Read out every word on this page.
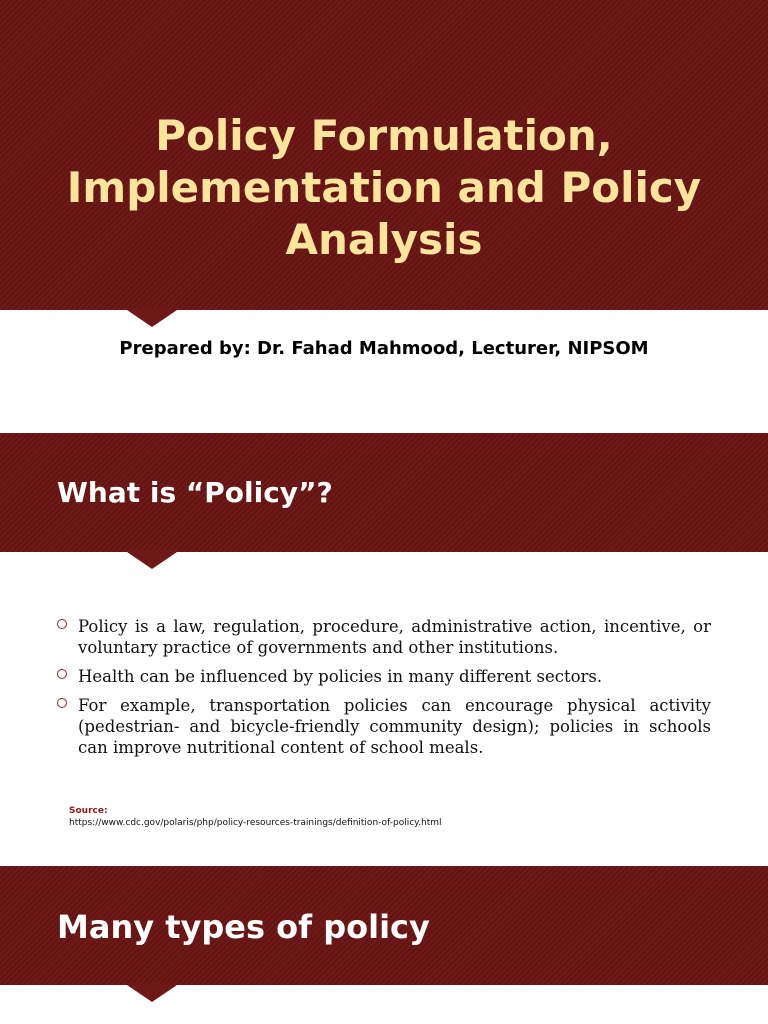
Policy Formulation,
Implementation and Policy
Analysis

Prepared by: Dr. Fahad Mahmood, Lecturer, NIPSOM

What is “Policy”?
Policy is a law, regulation, procedure, administrative action, incentive, or voluntary practice of governments and other institutions.
Health can be influenced by policies in many different sectors.
For example, transportation policies can encourage physical activity (pedestrian- and bicycle-friendly community design); policies in schools can improve nutritional content of school meals.

Source:

https://www.cdc.gov/polaris/php/policy-resources-trainings/definition-of-policy.html

Many types of policy
